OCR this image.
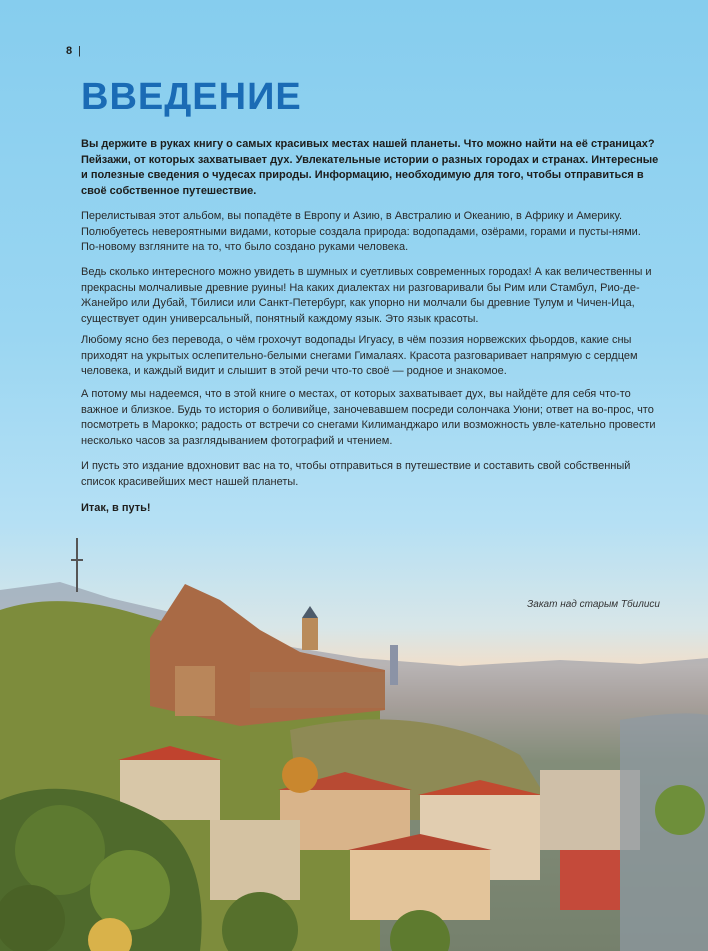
8 |
ВВЕДЕНИЕ

Вы держите в руках книгу о самых красивых местах нашей планеты. Что можно найти на её страницах? Пейзажи, от которых захватывает дух. Увлекательные истории о разных городах и странах. Интересные и полезные сведения о чудесах природы. Информацию, необходимую для того, чтобы отправиться в своё собственное путешествие.

Перелистывая этот альбом, вы попадёте в Европу и Азию, в Австралию и Океанию, в Африку и Америку. Полюбуетесь невероятными видами, которые создала природа: водопадами, озёрами, горами и пусты-нями. По-новому взгляните на то, что было создано руками человека.

Ведь сколько интересного можно увидеть в шумных и суетливых современных городах! А как величественны и прекрасны молчаливые древние руины! На каких диалектах ни разговаривали бы Рим или Стамбул, Рио-де-Жанейро или Дубай, Тбилиси или Санкт-Петербург, как упорно ни молчали бы древние Тулум и Чичен-Ица, существует один универсальный, понятный каждому язык. Это язык красоты.

Любому ясно без перевода, о чём грохочут водопады Игуасу, в чём поэзия норвежских фьордов, какие сны приходят на укрытых ослепительно-белыми снегами Гималаях. Красота разговаривает напрямую с сердцем человека, и каждый видит и слышит в этой речи что-то своё — родное и знакомое.

А потому мы надеемся, что в этой книге о местах, от которых захватывает дух, вы найдёте для себя что-то важное и близкое. Будь то история о боливийце, заночевавшем посреди солончака Уюни; ответ на во-прос, что посмотреть в Марокко; радость от встречи со снегами Килиманджаро или возможность увле-кательно провести несколько часов за разглядыванием фотографий и чтением.

И пусть это издание вдохновит вас на то, чтобы отправиться в путешествие и составить свой собственный список красивейших мест нашей планеты.

Итак, в путь!

Закат над старым Тбилиси
